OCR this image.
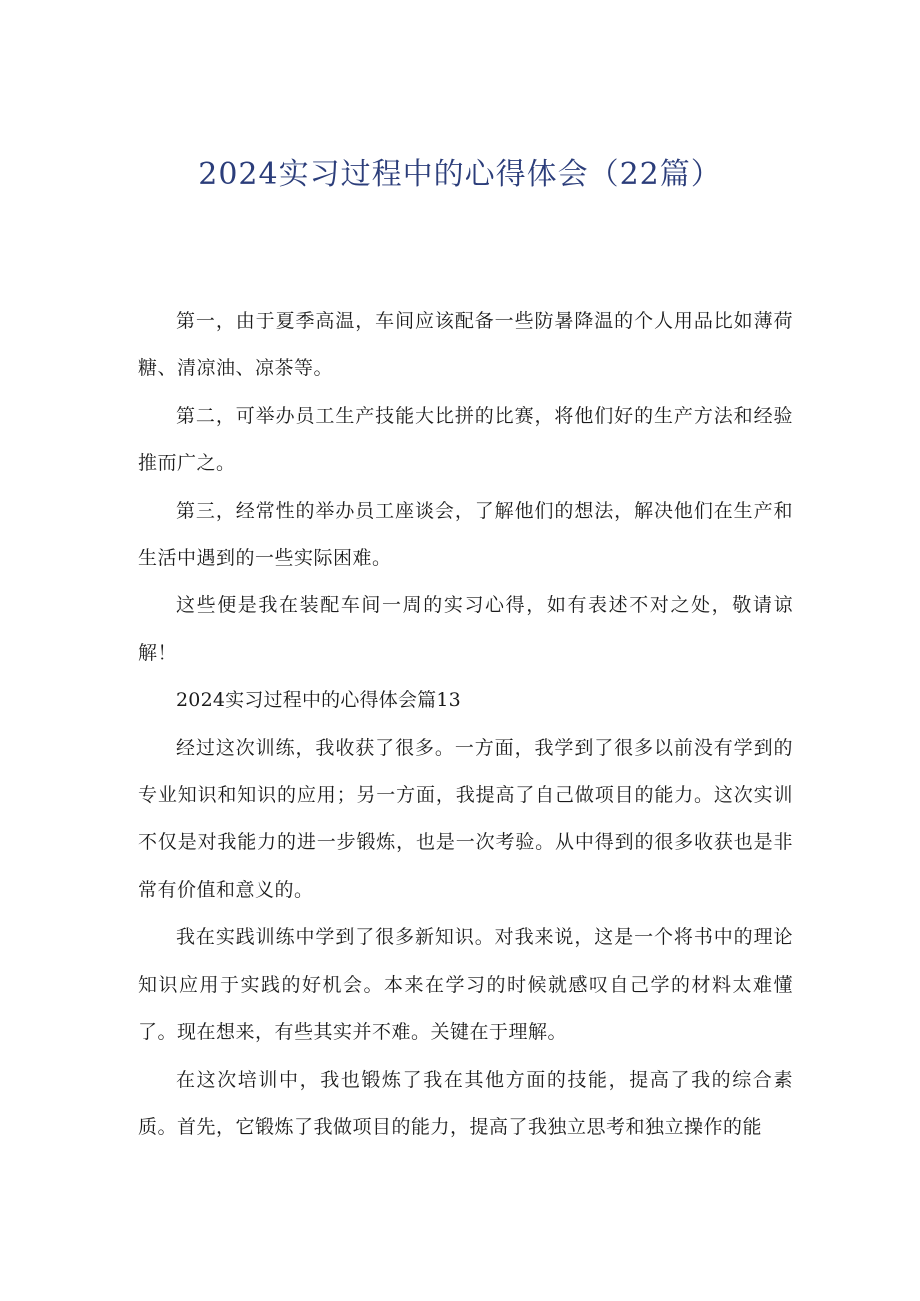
2024实习过程中的心得体会（22篇）

第一，由于夏季高温，车间应该配备一些防暑降温的个人用品比如薄荷糖、清凉油、凉茶等。

第二，可举办员工生产技能大比拼的比赛，将他们好的生产方法和经验推而广之。

第三，经常性的举办员工座谈会，了解他们的想法，解决他们在生产和生活中遇到的一些实际困难。

这些便是我在装配车间一周的实习心得，如有表述不对之处，敬请谅解！

2024实习过程中的心得体会篇13

经过这次训练，我收获了很多。一方面，我学到了很多以前没有学到的专业知识和知识的应用；另一方面，我提高了自己做项目的能力。这次实训不仅是对我能力的进一步锻炼，也是一次考验。从中得到的很多收获也是非常有价值和意义的。

我在实践训练中学到了很多新知识。对我来说，这是一个将书中的理论知识应用于实践的好机会。本来在学习的时候就感叹自己学的材料太难懂了。现在想来，有些其实并不难。关键在于理解。

在这次培训中，我也锻炼了我在其他方面的技能，提高了我的综合素质。首先，它锻炼了我做项目的能力，提高了我独立思考和独立操作的能
